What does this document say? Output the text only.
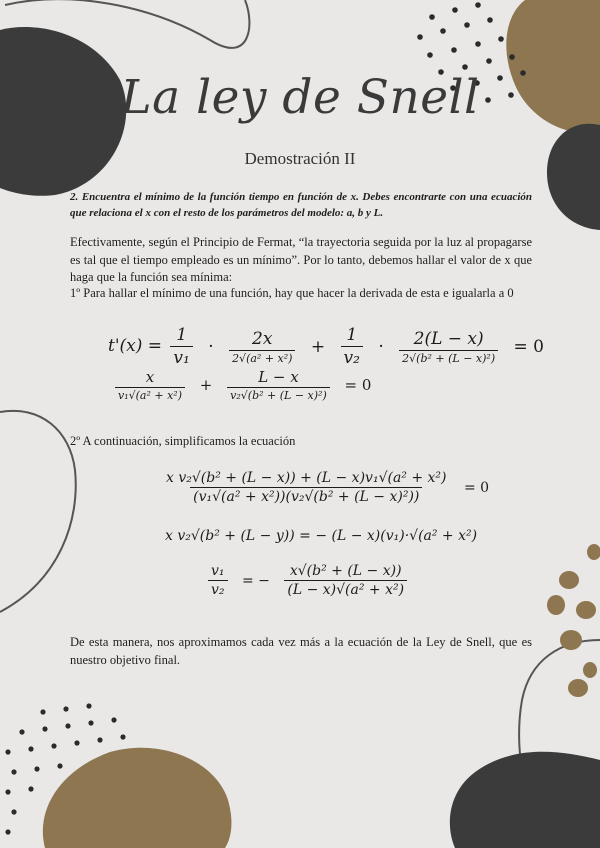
La ley de Snell
Demostración II

2. Encuentra el mínimo de la función tiempo en función de x. Debes encontrarte con una ecuación que relaciona el x con el resto de los parámetros del modelo: a, b y L.

Efectivamente, según el Principio de Fermat, “la trayectoria seguida por la luz al propagarse es tal que el tiempo empleado es un mínimo”. Por lo tanto, debemos hallar el valor de x que haga que la función sea mínima:

1º Para hallar el mínimo de una función, hay que hacer la derivada de esta e igualarla a 0

$t'(x) = \frac{1}{\text{v₁}} \cdot \frac{2x}{\text{2√(a² + x²)}} + \frac{1}{\text{v₂}} \cdot \frac{2(L - x)}{\text{2√(b² + (L − x)²)}} = 0$
$\frac{x}{\text{v₁√(a² + x²)}} + \frac{L - x}{\text{v₂√(b² + (L − x)²)}} = 0$

2º A continuación, simplificamos la ecuación

$\frac{\text{x v₂√(b² + (L − x)) + (L − x)v₁√(a² + x²)}}{\text{(v₁√(a² + x²))(v₂√(b² + (L − x)²))}} = 0$
x v₂√(b² + (L − y)) = − (L − x)(v₁)·√(a² + x²)
$\frac{\text{v₁}}{\text{v₂}}$ = − $\frac{\text{x√(b² + (L − x))}}{\text{(L − x)√(a² + x²)}}$

De esta manera, nos aproximamos cada vez más a la ecuación de la Ley de Snell, que es nuestro objetivo final.
